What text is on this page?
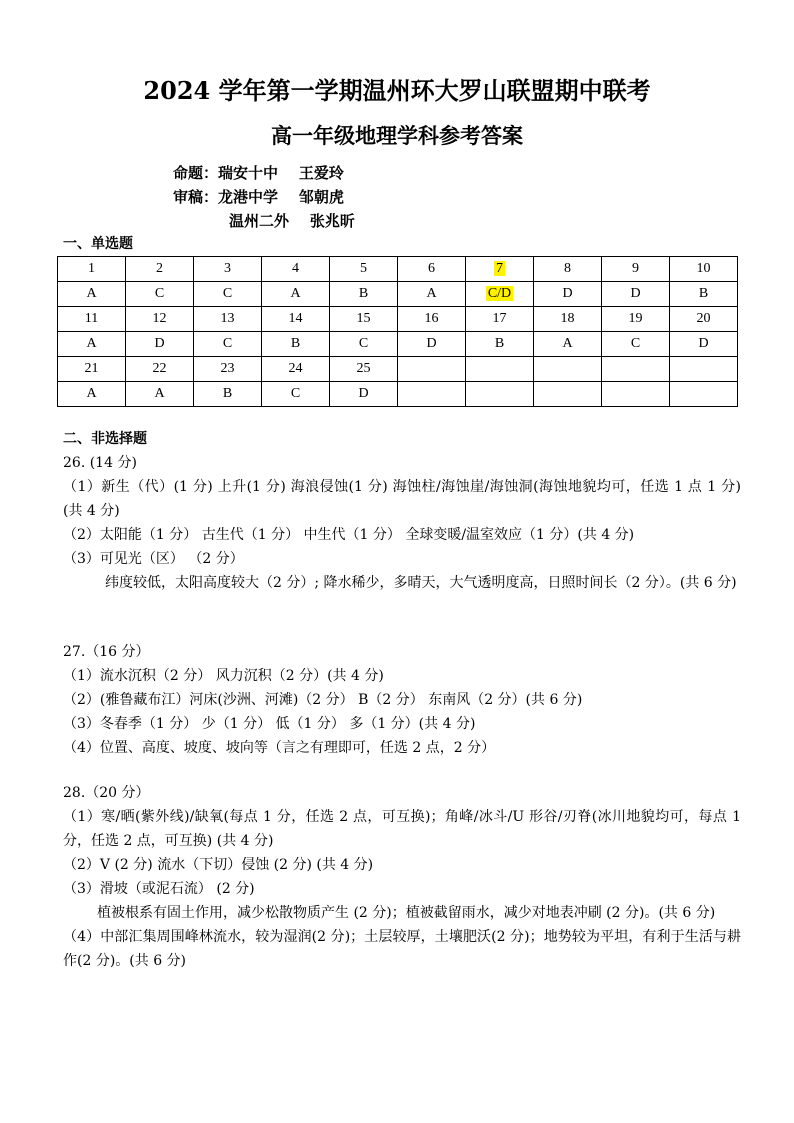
2024 学年第一学期温州环大罗山联盟期中联考
高一年级地理学科参考答案
命题：瑞安十中    王爱玲
审稿：龙港中学    邹朝虎
温州二外    张兆昕
一、单选题
1	2	3	4	5	6	7	8	9	10
A	C	C	A	B	A	C/D	D	D	B
11	12	13	14	15	16	17	18	19	20
A	D	C	B	C	D	B	A	C	D
21	22	23	24	25					
A	A	B	C	D					
二、非选择题

26. (14 分)

（1）新生（代）(1 分) 上升(1 分) 海浪侵蚀(1 分) 海蚀柱/海蚀崖/海蚀洞(海蚀地貌均可，任选 1 点 1 分) (共 4 分)

（2）太阳能（1 分） 古生代（1 分） 中生代（1 分） 全球变暖/温室效应（1 分）(共 4 分)

（3）可见光（区） （2 分）

纬度较低，太阳高度较大（2 分）; 降水稀少，多晴天，大气透明度高，日照时间长（2 分）。(共 6 分)

27.（16 分）

（1）流水沉积（2 分） 风力沉积（2 分）(共 4 分)

（2）(雅鲁藏布江）河床(沙洲、河滩)（2 分） B（2 分） 东南风（2 分）(共 6 分)

（3）冬春季（1 分） 少（1 分） 低（1 分） 多（1 分）(共 4 分)

（4）位置、高度、坡度、坡向等（言之有理即可，任选 2 点，2 分）

28.（20 分）

（1）寒/晒(紫外线)/缺氧(每点 1 分，任选 2 点，可互换)；角峰/冰斗/U 形谷/刃脊(冰川地貌均可，每点 1 分，任选 2 点，可互换) (共 4 分)

（2）V (2 分) 流水（下切）侵蚀 (2 分) (共 4 分)

（3）滑坡（或泥石流） (2 分)

植被根系有固土作用，减少松散物质产生 (2 分)；植被截留雨水，减少对地表冲刷 (2 分)。(共 6 分)

（4）中部汇集周围峰林流水，较为湿润(2 分)；土层较厚，土壤肥沃(2 分)；地势较为平坦，有利于生活与耕作(2 分)。(共 6 分)
